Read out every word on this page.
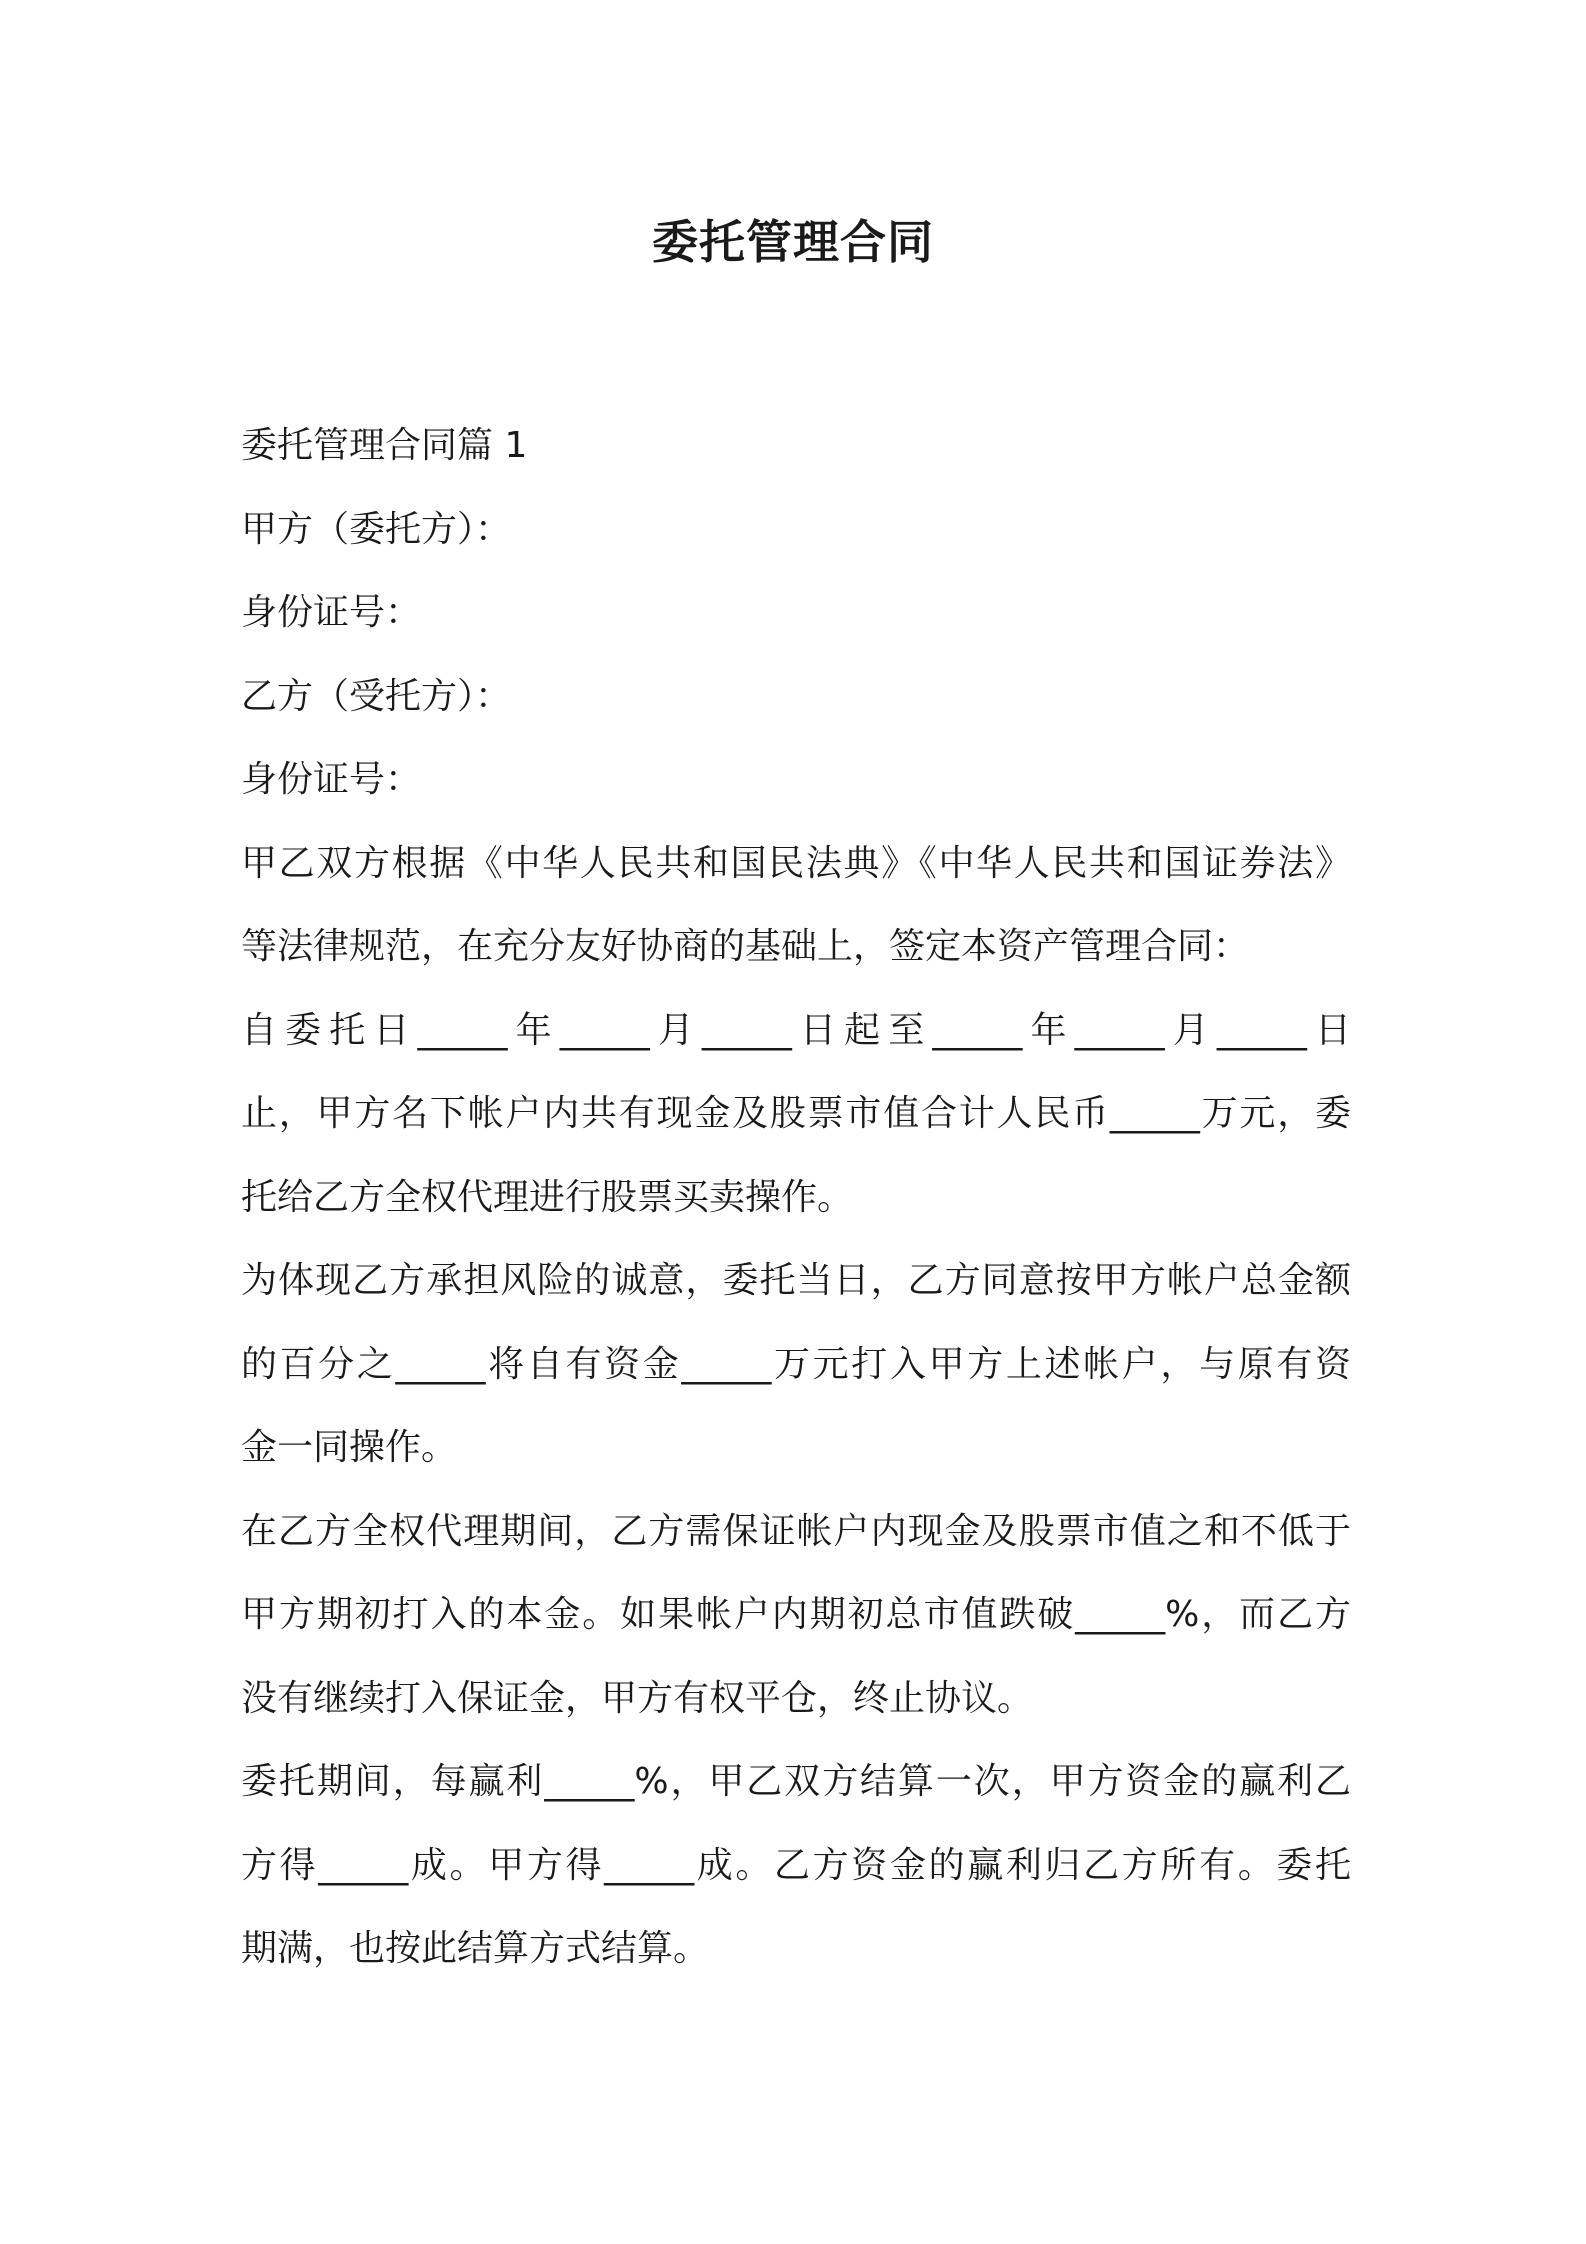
委托管理合同
委托管理合同篇 1
甲方（委托方）：
身份证号：
乙方（受托方）：
身份证号：
甲乙双方根据《中华人民共和国民法典》《中华人民共和国证券法》
等法律规范，在充分友好协商的基础上，签定本资产管理合同：
自委托日_____年_____月_____日起至_____年_____月_____日
止，甲方名下帐户内共有现金及股票市值合计人民币_____万元，委
托给乙方全权代理进行股票买卖操作。
为体现乙方承担风险的诚意，委托当日，乙方同意按甲方帐户总金额
的百分之_____将自有资金_____万元打入甲方上述帐户，与原有资
金一同操作。
在乙方全权代理期间，乙方需保证帐户内现金及股票市值之和不低于
甲方期初打入的本金。如果帐户内期初总市值跌破_____%，而乙方
没有继续打入保证金，甲方有权平仓，终止协议。
委托期间，每赢利_____%，甲乙双方结算一次，甲方资金的赢利乙
方得_____成。甲方得_____成。乙方资金的赢利归乙方所有。委托
期满，也按此结算方式结算。
